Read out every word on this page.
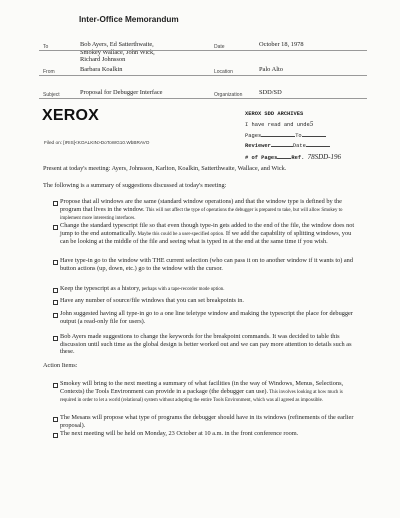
Inter-Office Memorandum
To	Bob Ayers, Ed Satterthwaite, Smokey Wallace, John Wick, Richard Johnsson
Date	October 18, 1978
From	Barbara Koalkin	Location	Palo Alto
Subject	Proposal for Debugger Interface	Organization	SDD/SD
XEROX	XEROX SDD ARCHIVES
I have read and unde5
Pages	To
Reviewer	Date
# of Pages	Ref. 78SDD-196
Filed on: [IRIS]<KOALKIN>DoToWG10.WbBRAVO
Present at today's meeting: Ayers, Johnsson, Karlton, Koalkin, Satterthwaite, Wallace, and Wick.
The following is a summary of suggestions discussed at today's meeting:
Propose that all windows are the same (standard window operations) and that the window type is defined by the program that lives in the window. This will not affect the type of operations the debugger is prepared to take, but will allow Smokey to implement more interesting interfaces.
Change the standard typescript file so that even though type-in gets added to the end of the file, the window does not jump to the end automatically. Maybe this could be a user-specified option. If we add the capability of splitting windows, you can be looking at the middle of the file and seeing what is typed in at the end at the same time if you wish.
Have type-in go to the window with THE current selection (who can pass it on to another window if it wants to) and button actions (up, down, etc.) go to the window with the cursor.
Keep the typescript as a history, perhaps with a tape-recorder mode option.
Have any number of source/file windows that you can set breakpoints in.
John suggested having all type-in go to a one line teletype window and making the typescript the place for debugger output (a read-only file for users).
Bob Ayers made suggestions to change the keywords for the breakpoint commands. It was decided to table this discussion until such time as the global design is better worked out and we can pay more attention to details such as these.
Action Items:
Smokey will bring to the next meeting a summary of what facilities (in the way of Windows, Menus, Selections, Contexts) the Tools Environment can provide in a package (the debugger can use). This involves looking at how much is required in order to let a world (relational) system without adopting the entire Tools Environment, which was all agreed as impossible.
The Mesans will propose what type of programs the debugger should have in its windows (refinements of the earlier proposal).
The next meeting will be held on Monday, 23 October at 10 a.m. in the front conference room.
